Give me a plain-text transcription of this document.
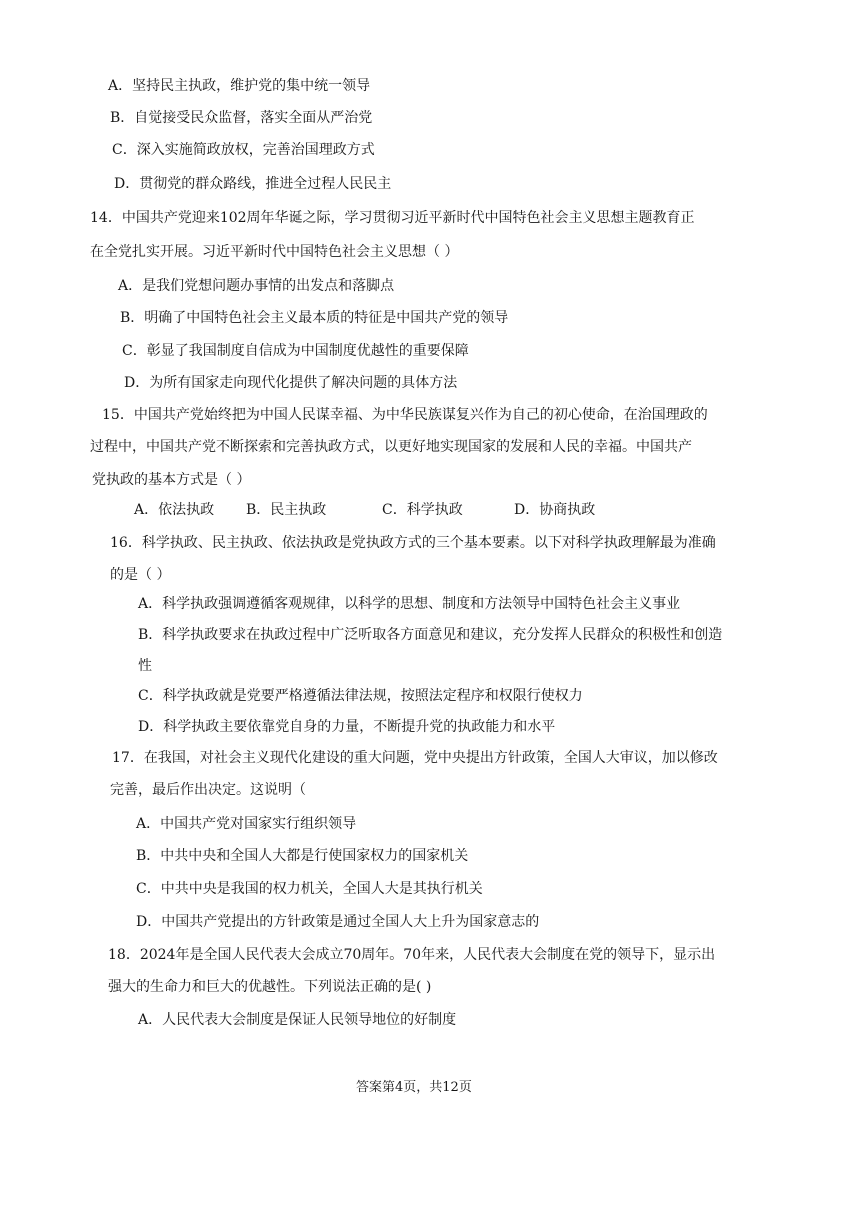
A．坚持民主执政，维护党的集中统一领导
B．自觉接受民众监督，落实全面从严治党
C．深入实施简政放权，完善治国理政方式
D．贯彻党的群众路线，推进全过程人民民主
14．中国共产党迎来102周年华诞之际，学习贯彻习近平新时代中国特色社会主义思想主题教育正
在全党扎实开展。习近平新时代中国特色社会主义思想（ ）
A．是我们党想问题办事情的出发点和落脚点
B．明确了中国特色社会主义最本质的特征是中国共产党的领导
C．彰显了我国制度自信成为中国制度优越性的重要保障
D．为所有国家走向现代化提供了解决问题的具体方法
15．中国共产党始终把为中国人民谋幸福、为中华民族谋复兴作为自己的初心使命，在治国理政的
过程中，中国共产党不断探索和完善执政方式，以更好地实现国家的发展和人民的幸福。中国共产
党执政的基本方式是（ ）
A．依法执政 B．民主执政	C．科学执政	D．协商执政
16．科学执政、民主执政、依法执政是党执政方式的三个基本要素。以下对科学执政理解最为准确
的是（ ）
A．科学执政强调遵循客观规律，以科学的思想、制度和方法领导中国特色社会主义事业
B．科学执政要求在执政过程中广泛听取各方面意见和建议，充分发挥人民群众的积极性和创造
性
C．科学执政就是党要严格遵循法律法规，按照法定程序和权限行使权力
D．科学执政主要依靠党自身的力量，不断提升党的执政能力和水平
17．在我国，对社会主义现代化建设的重大问题，党中央提出方针政策，全国人大审议，加以修改
完善，最后作出决定。这说明（
A．中国共产党对国家实行组织领导
B．中共中央和全国人大都是行使国家权力的国家机关
C．中共中央是我国的权力机关，全国人大是其执行机关
D．中国共产党提出的方针政策是通过全国人大上升为国家意志的
18．2024年是全国人民代表大会成立70周年。70年来，人民代表大会制度在党的领导下，显示出
强大的生命力和巨大的优越性。下列说法正确的是( )
A．人民代表大会制度是保证人民领导地位的好制度
答案第4页，共12页
